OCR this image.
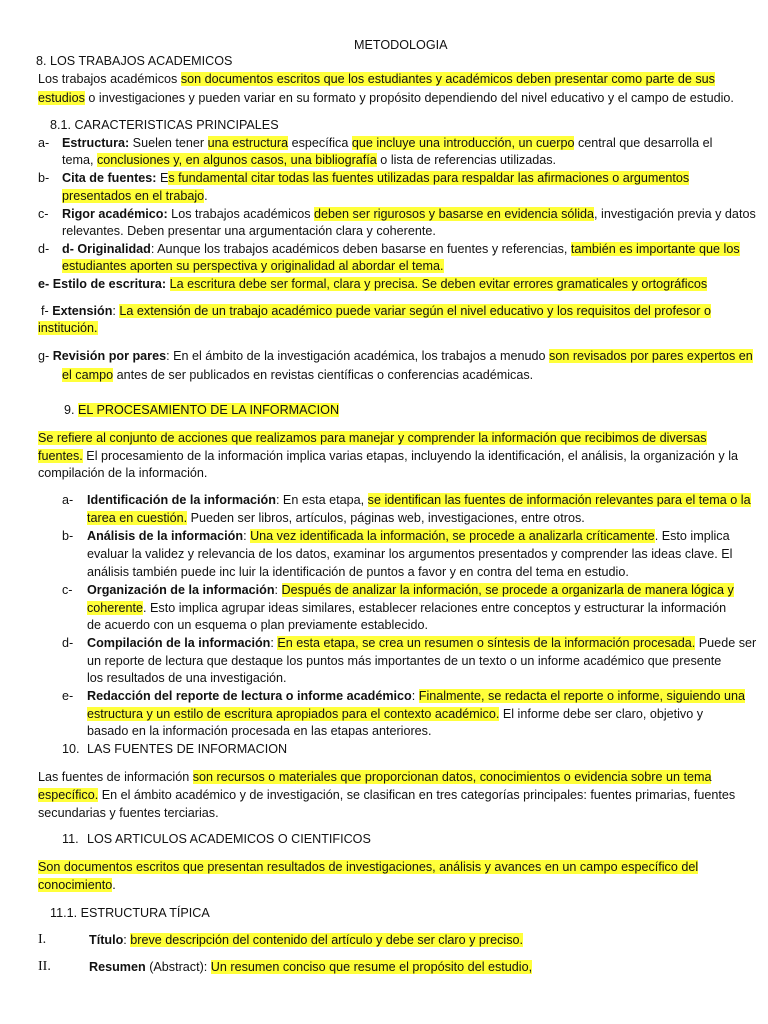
METODOLOGIA
8. LOS TRABAJOS ACADEMICOS
Los trabajos académicos son documentos escritos que los estudiantes y académicos deben presentar como parte de sus
estudios o investigaciones y pueden variar en su formato y propósito dependiendo del nivel educativo y el campo de estudio.
8.1. CARACTERISTICAS PRINCIPALES
a- Estructura: Suelen tener una estructura específica que incluye una introducción, un cuerpo central que desarrolla el
tema, conclusiones y, en algunos casos, una bibliografía o lista de referencias utilizadas.
b- Cita de fuentes: Es fundamental citar todas las fuentes utilizadas para respaldar las afirmaciones o argumentos
presentados en el trabajo.
c- Rigor académico: Los trabajos académicos deben ser rigurosos y basarse en evidencia sólida, investigación previa y datos
relevantes. Deben presentar una argumentación clara y coherente.
d- d- Originalidad: Aunque los trabajos académicos deben basarse en fuentes y referencias, también es importante que los
estudiantes aporten su perspectiva y originalidad al abordar el tema.
e- Estilo de escritura: La escritura debe ser formal, clara y precisa. Se deben evitar errores gramaticales y ortográficos
f- Extensión: La extensión de un trabajo académico puede variar según el nivel educativo y los requisitos del profesor o
institución.
g- Revisión por pares: En el ámbito de la investigación académica, los trabajos a menudo son revisados por pares expertos en
el campo antes de ser publicados en revistas científicas o conferencias académicas.
9. EL PROCESAMIENTO DE LA INFORMACION
Se refiere al conjunto de acciones que realizamos para manejar y comprender la información que recibimos de diversas
fuentes. El procesamiento de la información implica varias etapas, incluyendo la identificación, el análisis, la organización y la
compilación de la información.
a- Identificación de la información: En esta etapa, se identifican las fuentes de información relevantes para el tema o la
tarea en cuestión. Pueden ser libros, artículos, páginas web, investigaciones, entre otros.
b- Análisis de la información: Una vez identificada la información, se procede a analizarla críticamente. Esto implica
evaluar la validez y relevancia de los datos, examinar los argumentos presentados y comprender las ideas clave. El
análisis también puede inc luir la identificación de puntos a favor y en contra del tema en estudio.
c- Organización de la información: Después de analizar la información, se procede a organizarla de manera lógica y
coherente. Esto implica agrupar ideas similares, establecer relaciones entre conceptos y estructurar la información
de acuerdo con un esquema o plan previamente establecido.
d- Compilación de la información: En esta etapa, se crea un resumen o síntesis de la información procesada. Puede ser
un reporte de lectura que destaque los puntos más importantes de un texto o un informe académico que presente
los resultados de una investigación.
e- Redacción del reporte de lectura o informe académico: Finalmente, se redacta el reporte o informe, siguiendo una
estructura y un estilo de escritura apropiados para el contexto académico. El informe debe ser claro, objetivo y
basado en la información procesada en las etapas anteriores.
10. LAS FUENTES DE INFORMACION
Las fuentes de información son recursos o materiales que proporcionan datos, conocimientos o evidencia sobre un tema
específico. En el ámbito académico y de investigación, se clasifican en tres categorías principales: fuentes primarias, fuentes
secundarias y fuentes terciarias.
11. LOS ARTICULOS ACADEMICOS O CIENTIFICOS
Son documentos escritos que presentan resultados de investigaciones, análisis y avances en un campo específico del
conocimiento.
11.1. ESTRUCTURA TÍPICA
I.	Título: breve descripción del contenido del artículo y debe ser claro y preciso.
II.	Resumen (Abstract): Un resumen conciso que resume el propósito del estudio,
